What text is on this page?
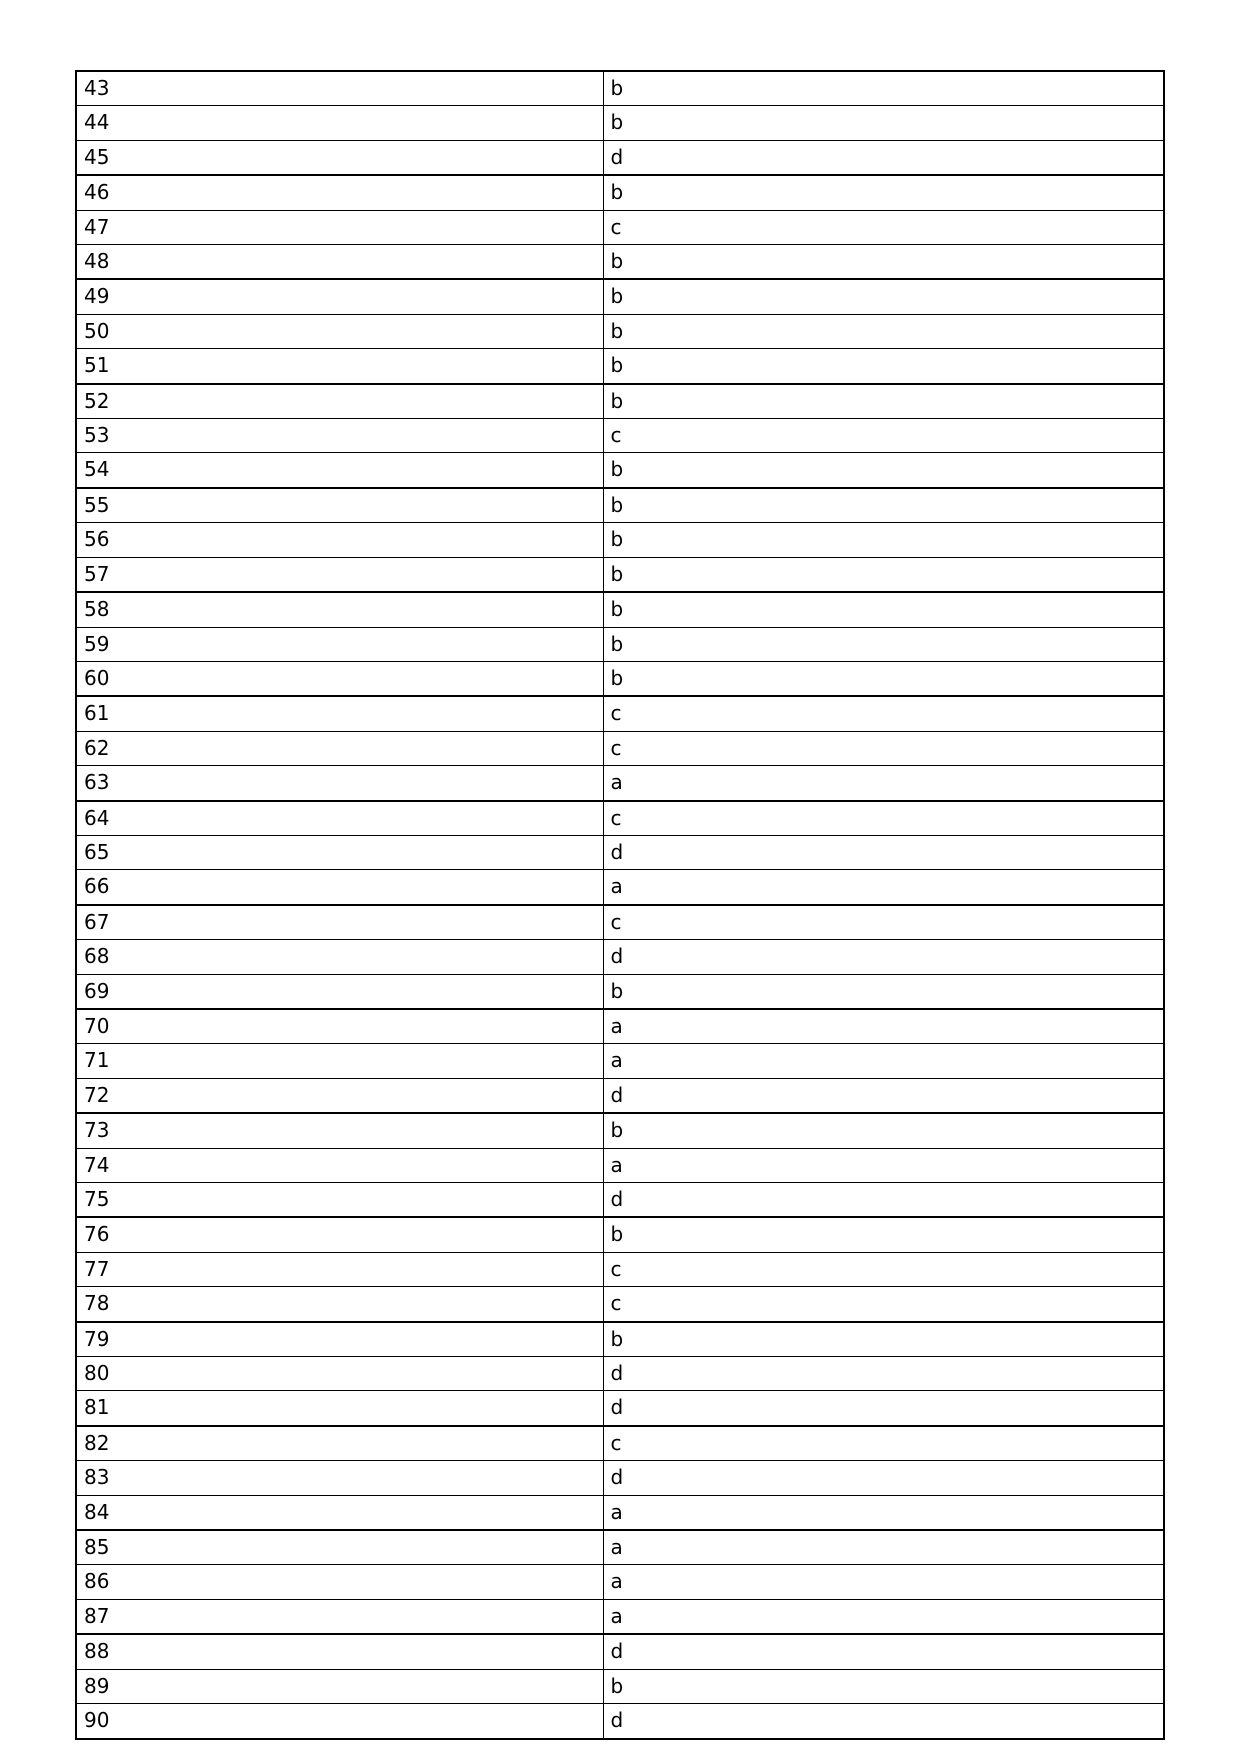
43	b
44	b
45	d
46	b
47	c
48	b
49	b
50	b
51	b
52	b
53	c
54	b
55	b
56	b
57	b
58	b
59	b
60	b
61	c
62	c
63	a
64	c
65	d
66	a
67	c
68	d
69	b
70	a
71	a
72	d
73	b
74	a
75	d
76	b
77	c
78	c
79	b
80	d
81	d
82	c
83	d
84	a
85	a
86	a
87	a
88	d
89	b
90	d
